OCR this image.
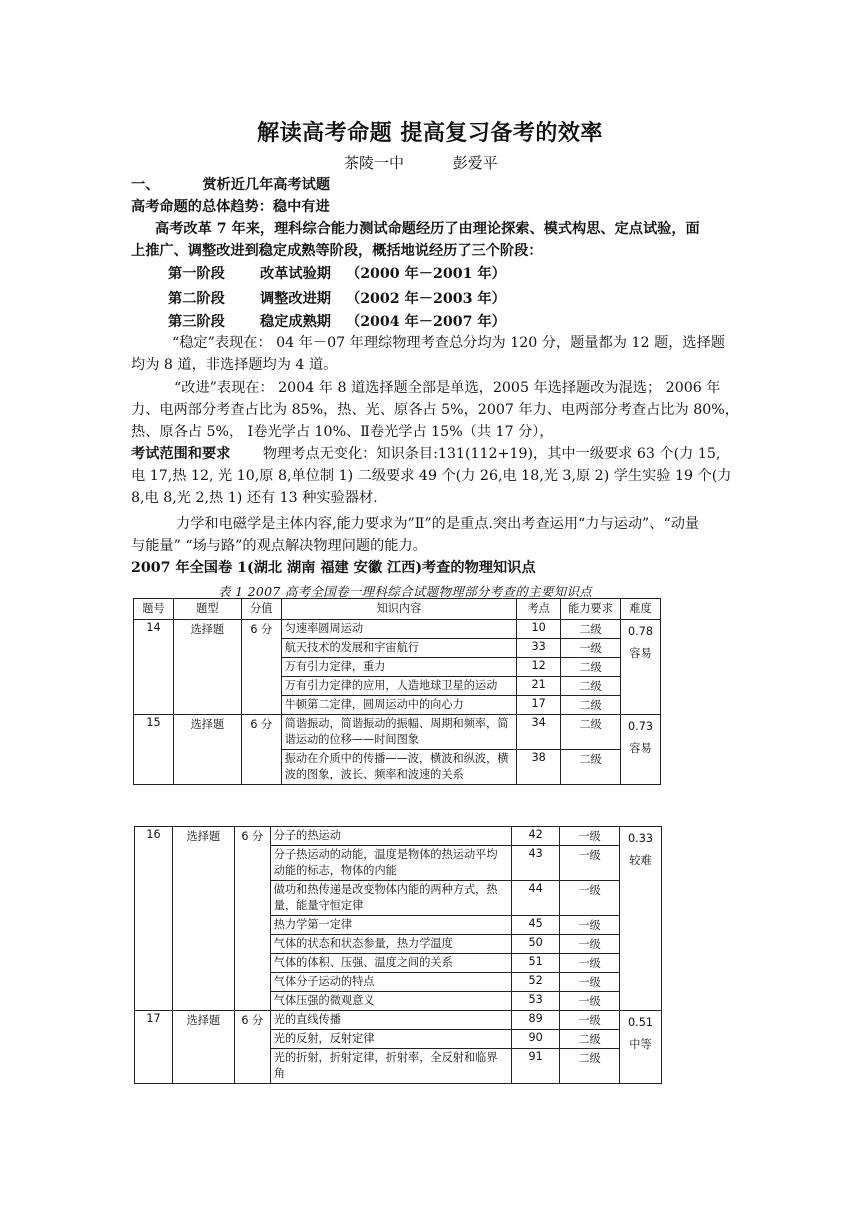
解读高考命题 提高复习备考的效率
茶陵一中	彭爱平
一、	赏析近几年高考试题
高考命题的总体趋势：稳中有进
高考改革 7 年来，理科综合能力测试命题经历了由理论探索、模式构思、定点试验，面
上推广、调整改进到稳定成熟等阶段，概括地说经历了三个阶段：
第一阶段 改革试验期 （2000 年－2001 年）
第二阶段 调整改进期 （2002 年－2003 年）
第三阶段 稳定成熟期 （2004 年－2007 年）
“稳定”表现在： 04 年－07 年理综物理考查总分均为 120 分，题量都为 12 题，选择题
均为 8 道，非选择题均为 4 道。
“改进”表现在： 2004 年 8 道选择题全部是单选，2005 年选择题改为混选； 2006 年
力、电两部分考查占比为 85%，热、光、原各占 5%，2007 年力、电两部分考查占比为 80%，
热、原各占 5%， Ⅰ卷光学占 10%、Ⅱ卷光学占 15%（共 17 分），
考试范围和要求 物理考点无变化：知识条目:131(112+19)，其中一级要求 63 个(力 15,
电 17,热 12, 光 10,原 8,单位制 1) 二级要求 49 个(力 26,电 18,光 3,原 2) 学生实验 19 个(力
8,电 8,光 2,热 1) 还有 13 种实验器材.
力学和电磁学是主体内容,能力要求为”Ⅱ”的是重点.突出考查运用“力与运动”、“动量
与能量” “场与路”的观点解决物理问题的能力。
2007 年全国卷 1(湖北 湖南 福建 安徽 江西)考查的物理知识点
表 1 2007 高考全国卷一理科综合试题物理部分考查的主要知识点
题号	题型	分值	知识内容	考点	能力要求	难度
14	选择题	6 分	匀速率圆周运动	10	二级	0.78
容易

			航天技术的发展和宇宙航行	33	一级	
			万有引力定律，重力	12	二级	
			万有引力定律的应用，人造地球卫星的运动	21	二级	
			牛顿第二定律，圆周运动中的向心力	17	二级	
15	选择题	6 分	简谐振动，简谐振动的振幅、周期和频率，简谐运动的位移——时间图象	34	二级	0.73
容易

			振动在介质中的传播——波，横波和纵波，横波的图象，波长、频率和波速的关系	38	二级	
16	选择题	6 分	分子的热运动	42	一级	0.33
较难

			分子热运动的动能，温度是物体的热运动平均动能的标志，物体的内能	43	一级	
			做功和热传递是改变物体内能的两种方式，热量，能量守恒定律	44	一级	
			热力学第一定律	45	一级	
			气体的状态和状态参量，热力学温度	50	一级	
			气体的体积、压强、温度之间的关系	51	一级	
			气体分子运动的特点	52	一级	
			气体压强的微观意义	53	一级	
17	选择题	6 分	光的直线传播	89	一级	0.51
中等

			光的反射，反射定律	90	二级	
			光的折射，折射定律，折射率，全反射和临界角	91	二级	
